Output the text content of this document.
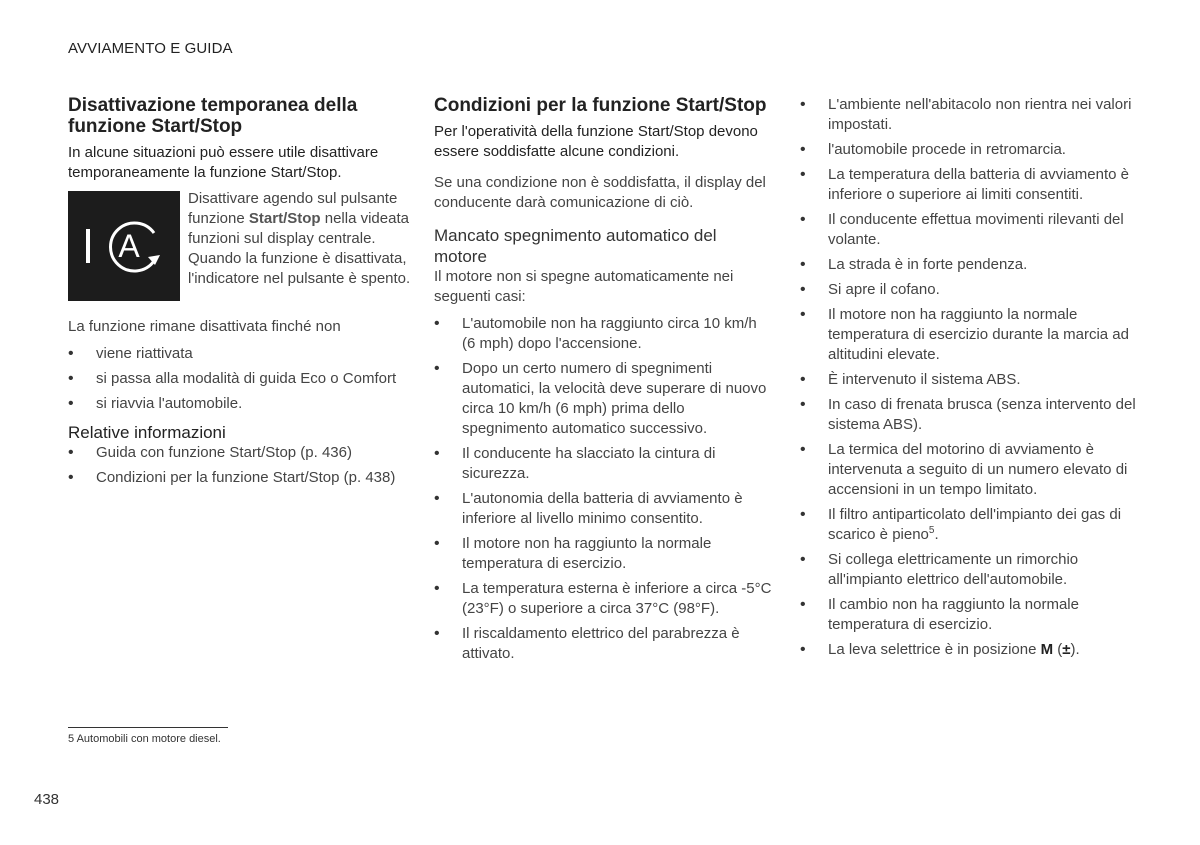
AVVIAMENTO E GUIDA
Disattivazione temporanea della funzione Start/Stop

In alcune situazioni può essere utile disattivare temporaneamente la funzione Start/Stop.

A

Disattivare agendo sul pulsante funzione Start/Stop nella videata funzioni sul display centrale. Quando la funzione è disattivata, l'indicatore nel pulsante è spento.

La funzione rimane disattivata finché non

• viene riattivata
• si passa alla modalità di guida Eco o Comfort
• si riavvia l'automobile.
Relative informazioni
• Guida con funzione Start/Stop (p. 436)
• Condizioni per la funzione Start/Stop (p. 438)
Condizioni per la funzione Start/Stop

Per l'operatività della funzione Start/Stop devono essere soddisfatte alcune condizioni.

Se una condizione non è soddisfatta, il display del conducente darà comunicazione di ciò.

Mancato spegnimento automatico del motore

Il motore non si spegne automaticamente nei seguenti casi:

• L'automobile non ha raggiunto circa 10 km/h (6 mph) dopo l'accensione.
• Dopo un certo numero di spegnimenti automatici, la velocità deve superare di nuovo circa 10 km/h (6 mph) prima dello spegnimento automatico successivo.
• Il conducente ha slacciato la cintura di sicurezza.
• L'autonomia della batteria di avviamento è inferiore al livello minimo consentito.
• Il motore non ha raggiunto la normale temperatura di esercizio.
• La temperatura esterna è inferiore a circa -5°C (23°F) o superiore a circa 37°C (98°F).
• Il riscaldamento elettrico del parabrezza è attivato.
• L'ambiente nell'abitacolo non rientra nei valori impostati.
• l'automobile procede in retromarcia.
• La temperatura della batteria di avviamento è inferiore o superiore ai limiti consentiti.
• Il conducente effettua movimenti rilevanti del volante.
• La strada è in forte pendenza.
• Si apre il cofano.
• Il motore non ha raggiunto la normale temperatura di esercizio durante la marcia ad altitudini elevate.
• È intervenuto il sistema ABS.
• In caso di frenata brusca (senza intervento del sistema ABS).
• La termica del motorino di avviamento è intervenuta a seguito di un numero elevato di accensioni in un tempo limitato.
• Il filtro antiparticolato dell'impianto dei gas di scarico è pieno$^5$.
• Si collega elettricamente un rimorchio all'impianto elettrico dell'automobile.
• Il cambio non ha raggiunto la normale temperatura di esercizio.
• La leva selettrice è in posizione M (±).
5 Automobili con motore diesel.
438
